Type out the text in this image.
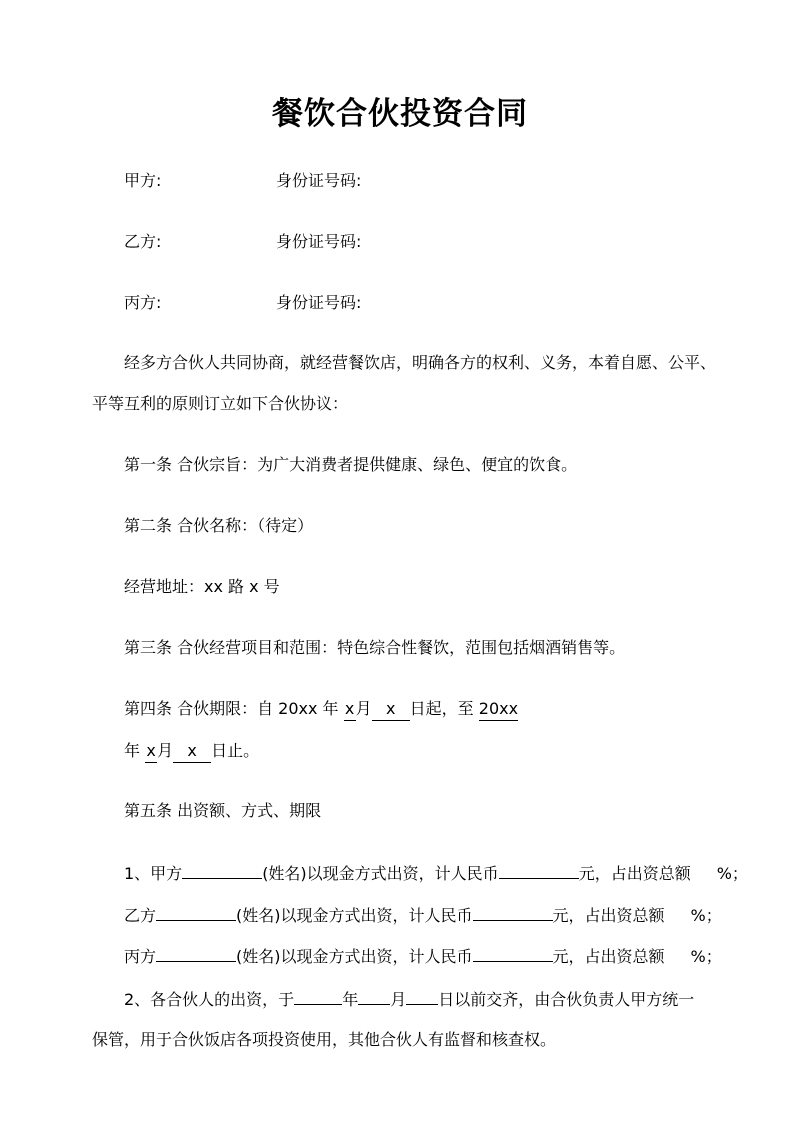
餐饮合伙投资合同
甲方:	身份证号码:
乙方:	身份证号码:
丙方:	身份证号码:
经多方合伙人共同协商，就经营餐饮店，明确各方的权利、义务，本着自愿、公平、
平等互利的原则订立如下合伙协议：
第一条 合伙宗旨：为广大消费者提供健康、绿色、便宜的饮食。
第二条 合伙名称：（待定）
经营地址：xx 路 x 号
第三条 合伙经营项目和范围：特色综合性餐饮，范围包括烟酒销售等。
第四条 合伙期限：自 20xx 年 x月 x 日起，至 20xx
年 x月 x 日止。
第五条 出资额、方式、期限
1、甲方	(姓名)以现金方式出资，计人民币	元，占出资总额 %；
乙方	(姓名)以现金方式出资，计人民币	元，占出资总额 %；
丙方	(姓名)以现金方式出资，计人民币	元，占出资总额 %；
2、各合伙人的出资，于	年 月 日以前交齐，由合伙负责人甲方统一
保管，用于合伙饭店各项投资使用，其他合伙人有监督和核查权。
